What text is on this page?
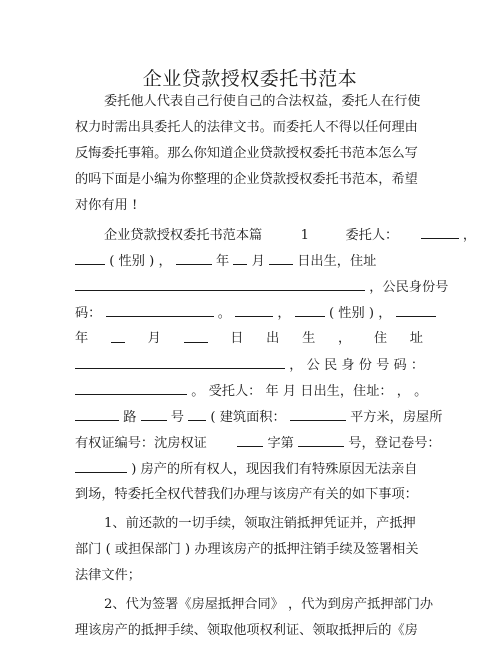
企业贷款授权委托书范本
委托他人代表自己行使自己的合法权益，委托人在行使
权力时需出具委托人的法律文书。而委托人不得以任何理由
反悔委托事箱。那么你知道企业贷款授权委托书范本怎么写
的吗下面是小编为你整理的企业贷款授权委托书范本，希望
对你有用 !
企业贷款授权委托书范本篇	1	委托人：	，
( 性别 ) ，	年 月 日出生，住址
，公民身份号
码：	。	，	( 性别 ) ，
年	月	日 出 生 ， 住 址
， 公 民 身 份 号 码 ：
。 受托人： 年 月 日出生，住址： ， 。
路	号 ( 建筑面积：	平方米，房屋所
有权证编号：沈房权证	字第	号，登记卷号：
) 房产的所有权人，现因我们有特殊原因无法亲自
到场，特委托全权代替我们办理与该房产有关的如下事项：
1、前还款的一切手续，领取注销抵押凭证并，产抵押
部门 ( 或担保部门 ) 办理该房产的抵押注销手续及签署相关
法律文件；
2、代为签署《房屋抵押合同》 ，代为到房产抵押部门办
理该房产的抵押手续、领取他项权利证、领取抵押后的《房
